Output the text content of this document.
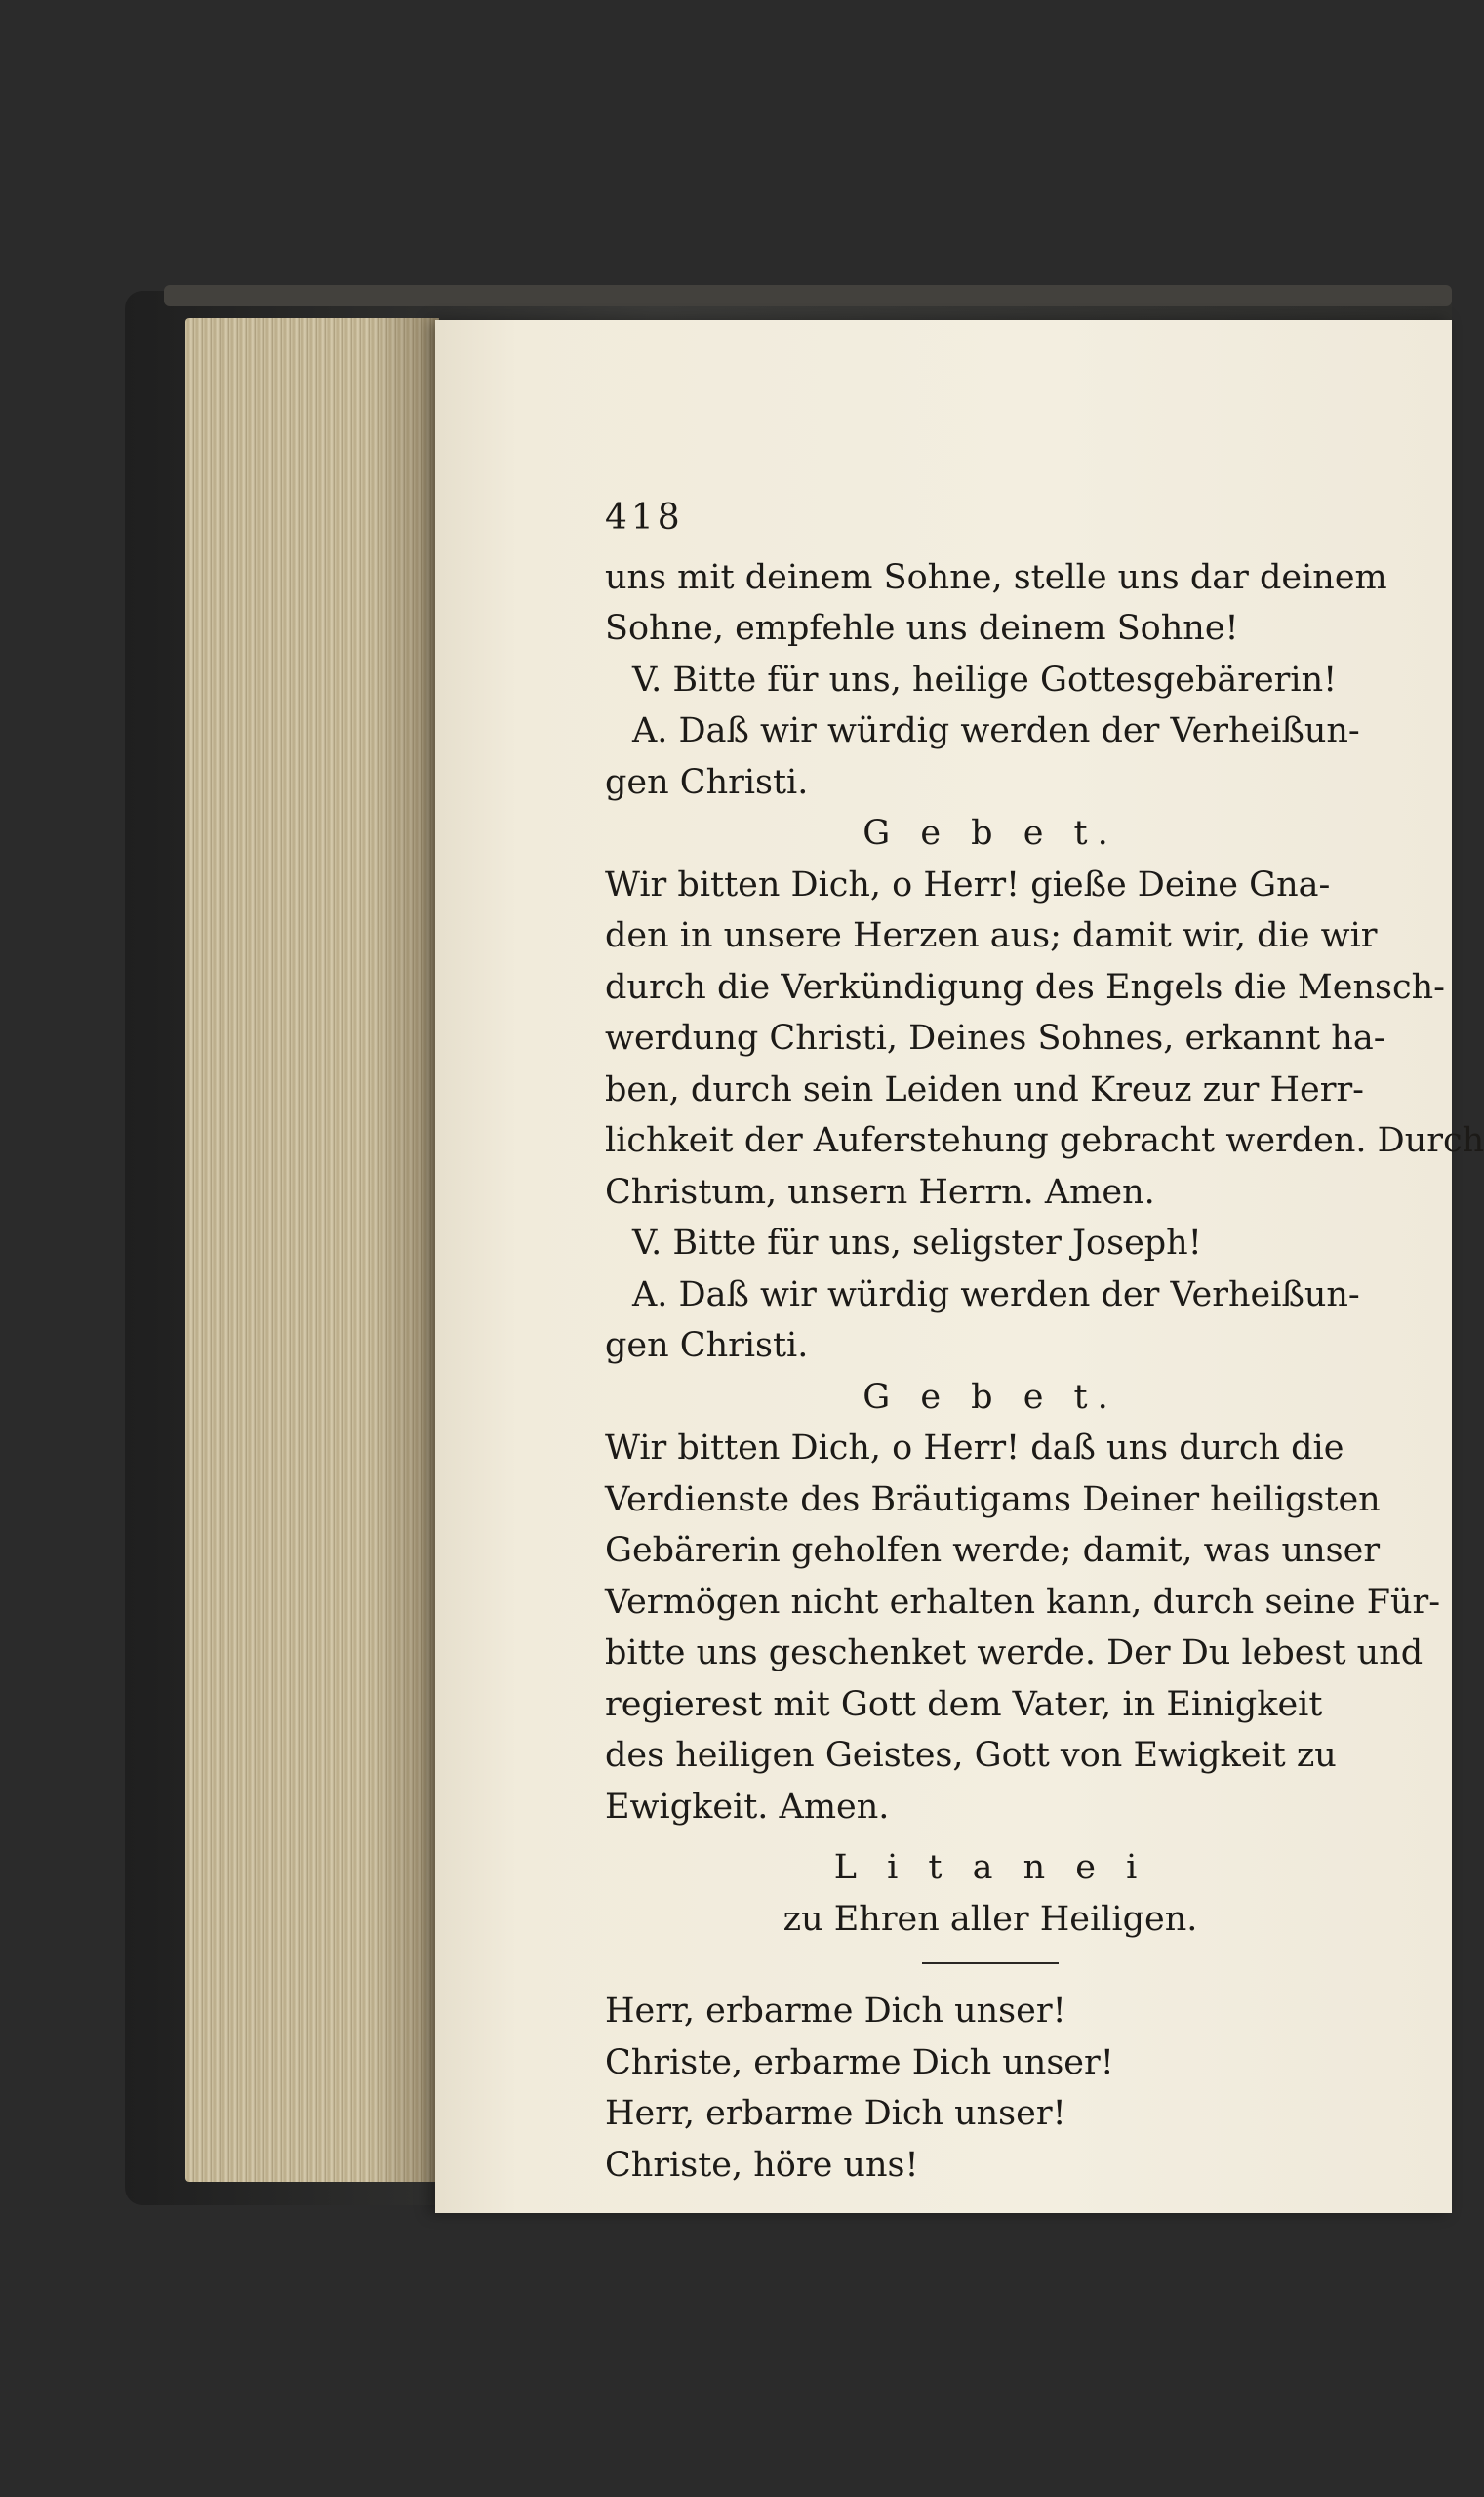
418
uns mit deinem Sohne, stelle uns dar deinem
Sohne, empfehle uns deinem Sohne!
V. Bitte für uns, heilige Gottesgebärerin!
A. Daß wir würdig werden der Verheißun-
gen Christi.
G e b e t.
Wir bitten Dich, o Herr! gieße Deine Gna-
den in unsere Herzen aus; damit wir, die wir
durch die Verkündigung des Engels die Mensch-
werdung Christi, Deines Sohnes, erkannt ha-
ben, durch sein Leiden und Kreuz zur Herr-
lichkeit der Auferstehung gebracht werden. Durch
Christum, unsern Herrn. Amen.
V. Bitte für uns, seligster Joseph!
A. Daß wir würdig werden der Verheißun-
gen Christi.
G e b e t.
Wir bitten Dich, o Herr! daß uns durch die
Verdienste des Bräutigams Deiner heiligsten
Gebärerin geholfen werde; damit, was unser
Vermögen nicht erhalten kann, durch seine Für-
bitte uns geschenket werde. Der Du lebest und
regierest mit Gott dem Vater, in Einigkeit
des heiligen Geistes, Gott von Ewigkeit zu
Ewigkeit. Amen.
L i t a n e i
zu Ehren aller Heiligen.
Herr, erbarme Dich unser!
Christe, erbarme Dich unser!
Herr, erbarme Dich unser!
Christe, höre uns!
